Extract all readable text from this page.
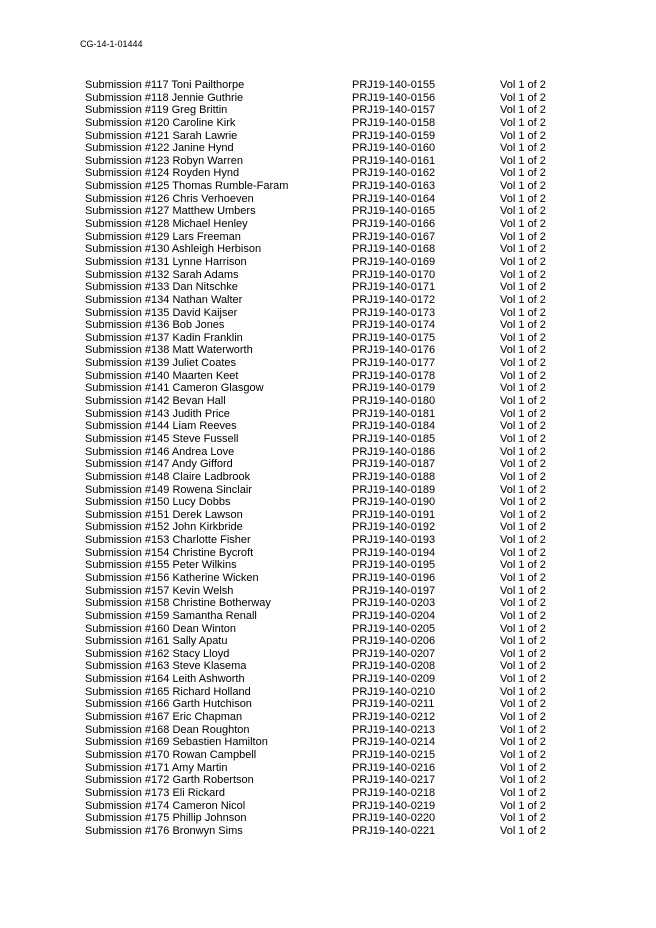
CG-14-1-01444
Submission #117 Toni Pailthorpe	PRJ19-140-0155	Vol 1 of 2
Submission #118 Jennie Guthrie	PRJ19-140-0156	Vol 1 of 2
Submission #119 Greg Brittin	PRJ19-140-0157	Vol 1 of 2
Submission #120 Caroline Kirk	PRJ19-140-0158	Vol 1 of 2
Submission #121 Sarah Lawrie	PRJ19-140-0159	Vol 1 of 2
Submission #122 Janine Hynd	PRJ19-140-0160	Vol 1 of 2
Submission #123 Robyn Warren	PRJ19-140-0161	Vol 1 of 2
Submission #124 Royden Hynd	PRJ19-140-0162	Vol 1 of 2
Submission #125 Thomas Rumble-Faram	PRJ19-140-0163	Vol 1 of 2
Submission #126 Chris Verhoeven	PRJ19-140-0164	Vol 1 of 2
Submission #127 Matthew Umbers	PRJ19-140-0165	Vol 1 of 2
Submission #128 Michael Henley	PRJ19-140-0166	Vol 1 of 2
Submission #129 Lars Freeman	PRJ19-140-0167	Vol 1 of 2
Submission #130 Ashleigh Herbison	PRJ19-140-0168	Vol 1 of 2
Submission #131 Lynne Harrison	PRJ19-140-0169	Vol 1 of 2
Submission #132 Sarah Adams	PRJ19-140-0170	Vol 1 of 2
Submission #133 Dan Nitschke	PRJ19-140-0171	Vol 1 of 2
Submission #134 Nathan Walter	PRJ19-140-0172	Vol 1 of 2
Submission #135 David Kaijser	PRJ19-140-0173	Vol 1 of 2
Submission #136 Bob Jones	PRJ19-140-0174	Vol 1 of 2
Submission #137 Kadin Franklin	PRJ19-140-0175	Vol 1 of 2
Submission #138 Matt Waterworth	PRJ19-140-0176	Vol 1 of 2
Submission #139 Juliet Coates	PRJ19-140-0177	Vol 1 of 2
Submission #140 Maarten Keet	PRJ19-140-0178	Vol 1 of 2
Submission #141 Cameron Glasgow	PRJ19-140-0179	Vol 1 of 2
Submission #142 Bevan Hall	PRJ19-140-0180	Vol 1 of 2
Submission #143 Judith Price	PRJ19-140-0181	Vol 1 of 2
Submission #144 Liam Reeves	PRJ19-140-0184	Vol 1 of 2
Submission #145 Steve Fussell	PRJ19-140-0185	Vol 1 of 2
Submission #146 Andrea Love	PRJ19-140-0186	Vol 1 of 2
Submission #147 Andy Gifford	PRJ19-140-0187	Vol 1 of 2
Submission #148 Claire Ladbrook	PRJ19-140-0188	Vol 1 of 2
Submission #149 Rowena Sinclair	PRJ19-140-0189	Vol 1 of 2
Submission #150 Lucy Dobbs	PRJ19-140-0190	Vol 1 of 2
Submission #151 Derek Lawson	PRJ19-140-0191	Vol 1 of 2
Submission #152 John Kirkbride	PRJ19-140-0192	Vol 1 of 2
Submission #153 Charlotte Fisher	PRJ19-140-0193	Vol 1 of 2
Submission #154 Christine Bycroft	PRJ19-140-0194	Vol 1 of 2
Submission #155 Peter Wilkins	PRJ19-140-0195	Vol 1 of 2
Submission #156 Katherine Wicken	PRJ19-140-0196	Vol 1 of 2
Submission #157 Kevin Welsh	PRJ19-140-0197	Vol 1 of 2
Submission #158 Christine Botherway	PRJ19-140-0203	Vol 1 of 2
Submission #159 Samantha Renall	PRJ19-140-0204	Vol 1 of 2
Submission #160 Dean Winton	PRJ19-140-0205	Vol 1 of 2
Submission #161 Sally Apatu	PRJ19-140-0206	Vol 1 of 2
Submission #162 Stacy Lloyd	PRJ19-140-0207	Vol 1 of 2
Submission #163 Steve Klasema	PRJ19-140-0208	Vol 1 of 2
Submission #164 Leith Ashworth	PRJ19-140-0209	Vol 1 of 2
Submission #165 Richard Holland	PRJ19-140-0210	Vol 1 of 2
Submission #166 Garth Hutchison	PRJ19-140-0211	Vol 1 of 2
Submission #167 Eric Chapman	PRJ19-140-0212	Vol 1 of 2
Submission #168 Dean Roughton	PRJ19-140-0213	Vol 1 of 2
Submission #169 Sebastien Hamilton	PRJ19-140-0214	Vol 1 of 2
Submission #170 Rowan Campbell	PRJ19-140-0215	Vol 1 of 2
Submission #171 Amy Martin	PRJ19-140-0216	Vol 1 of 2
Submission #172 Garth Robertson	PRJ19-140-0217	Vol 1 of 2
Submission #173 Eli Rickard	PRJ19-140-0218	Vol 1 of 2
Submission #174 Cameron Nicol	PRJ19-140-0219	Vol 1 of 2
Submission #175 Phillip Johnson	PRJ19-140-0220	Vol 1 of 2
Submission #176 Bronwyn Sims	PRJ19-140-0221	Vol 1 of 2
